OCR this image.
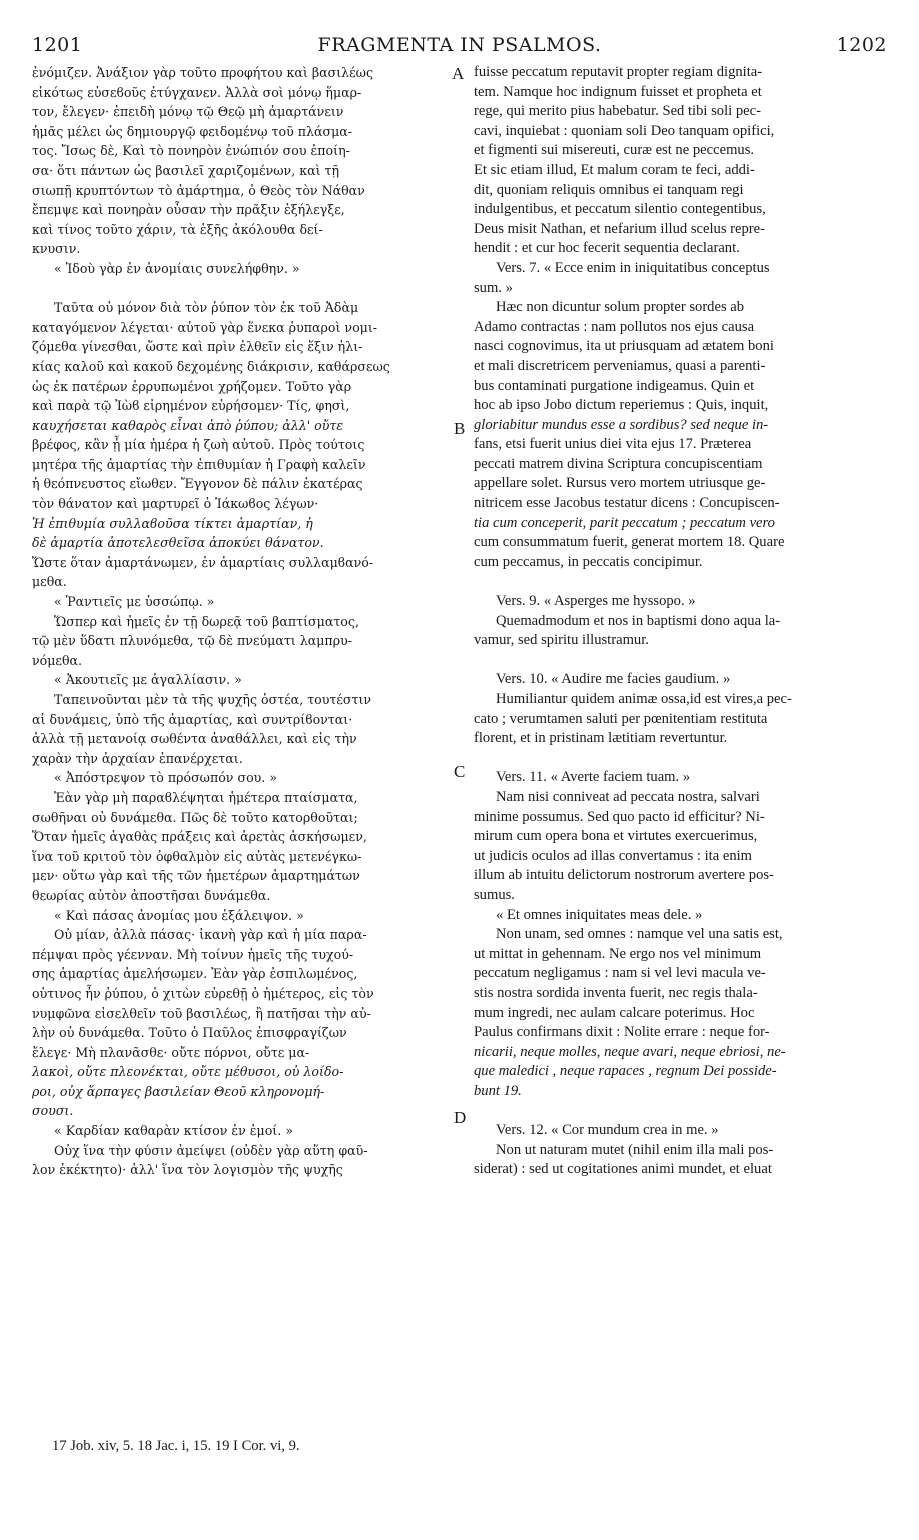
1201	FRAGMENTA IN PSALMOS.	1202
A
B
C
D
ἐνόμιζεν. Ἀνάξιον γὰρ τοῦτο προφήτου καὶ βασιλέως
εἰκότως εὐσεϐοῦς ἐτύγχανεν. Ἀλλὰ σοὶ μόνῳ ἥμαρ-
τον, ἔλεγεν· ἐπειδὴ μόνῳ τῷ Θεῷ μὴ ἁμαρτάνειν
ἡμᾶς μέλει ὡς δημιουργῷ φειδομένῳ τοῦ πλάσμα-
τος. Ἴσως δὲ, Καὶ τὸ πονηρὸν ἐνώπιόν σου ἐποίη-
σα· ὅτι πάντων ὡς βασιλεῖ χαριζομένων, καὶ τῇ
σιωπῇ κρυπτόντων τὸ ἁμάρτημα, ὁ Θεὸς τὸν Νάθαν
ἔπεμψε καὶ πονηρὰν οὖσαν τὴν πρᾶξιν ἐξήλεγξε,
καὶ τίνος τοῦτο χάριν, τὰ ἑξῆς ἀκόλουθα δεί-
κνυσιν.
« Ἰδοὺ γὰρ ἐν ἀνομίαις συνελήφθην. »
Ταῦτα οὐ μόνον διὰ τὸν ῥύπον τὸν ἐκ τοῦ Ἀδὰμ
καταγόμενον λέγεται· αὐτοῦ γὰρ ἕνεκα ῥυπαροὶ νομι-
ζόμεθα γίνεσθαι, ὥστε καὶ πρὶν ἐλθεῖν εἰς ἕξιν ἡλι-
κίας καλοῦ καὶ κακοῦ δεχομένης διάκρισιν, καθάρσεως
ὡς ἐκ πατέρων ἐρρυπωμένοι χρήζομεν. Τοῦτο γὰρ
καὶ παρὰ τῷ Ἰὼϐ εἰρημένον εὑρήσομεν· Τίς, φησὶ,
καυχήσεται καθαρὸς εἶναι ἀπὸ ῥύπου; ἀλλ' οὔτε
βρέφος, κἂν ᾖ μία ἡμέρα ἡ ζωὴ αὐτοῦ. Πρὸς τούτοις
μητέρα τῆς ἁμαρτίας τὴν ἐπιθυμίαν ἡ Γραφὴ καλεῖν
ἡ θεόπνευστος εἴωθεν. Ἔγγονον δὲ πάλιν ἑκατέρας
τὸν θάνατον καὶ μαρτυρεῖ ὁ Ἰάκωϐος λέγων·
Ἡ ἐπιθυμία συλλαϐοῦσα τίκτει ἁμαρτίαν, ἡ
δὲ ἁμαρτία ἀποτελεσθεῖσα ἀποκύει θάνατον.
Ὥστε ὅταν ἁμαρτάνωμεν, ἐν ἁμαρτίαις συλλαμϐανό-
μεθα.
« Ῥαντιεῖς με ὑσσώπῳ. »
Ὥσπερ καὶ ἡμεῖς ἐν τῇ δωρεᾷ τοῦ βαπτίσματος,
τῷ μὲν ὕδατι πλυνόμεθα, τῷ δὲ πνεύματι λαμπρυ-
νόμεθα.
« Ἀκουτιεῖς με ἀγαλλίασιν. »
Ταπεινοῦνται μὲν τὰ τῆς ψυχῆς ὀστέα, τουτέστιν
αἱ δυνάμεις, ὑπὸ τῆς ἁμαρτίας, καὶ συντρίϐονται·
ἀλλὰ τῇ μετανοίᾳ σωθέντα ἀναθάλλει, καὶ εἰς τὴν
χαρὰν τὴν ἀρχαίαν ἐπανέρχεται.
« Ἀπόστρεψον τὸ πρόσωπόν σου. »
Ἐὰν γὰρ μὴ παραϐλέψηται ἡμέτερα πταίσματα,
σωθῆναι οὐ δυνάμεθα. Πῶς δὲ τοῦτο κατορθοῦται;
Ὅταν ἡμεῖς ἀγαθὰς πράξεις καὶ ἀρετὰς ἀσκήσωμεν,
ἵνα τοῦ κριτοῦ τὸν ὀφθαλμὸν εἰς αὐτὰς μετενέγκω-
μεν· οὕτω γὰρ καὶ τῆς τῶν ἡμετέρων ἁμαρτημάτων
θεωρίας αὐτὸν ἀποστῆσαι δυνάμεθα.
« Καὶ πάσας ἀνομίας μου ἐξάλειψον. »
Οὐ μίαν, ἀλλὰ πάσας· ἱκανὴ γὰρ καὶ ἡ μία παρα-
πέμψαι πρὸς γέενναν. Μὴ τοίνυν ἡμεῖς τῆς τυχού-
σης ἁμαρτίας ἀμελήσωμεν. Ἐὰν γὰρ ἐσπιλωμένος,
οὑτινος ἦν ῥύπου, ὁ χιτὼν εὑρεθῇ ὁ ἡμέτερος, εἰς τὸν
νυμφῶνα εἰσελθεῖν τοῦ βασιλέως, ἢ πατῆσαι τὴν αὐ-
λὴν οὐ δυνάμεθα. Τοῦτο ὁ Παῦλος ἐπισφραγίζων
ἔλεγε· Μὴ πλανᾶσθε· οὔτε πόρνοι, οὔτε μα-
λακοὶ, οὔτε πλεονέκται, οὔτε μέθυσοι, οὐ λοίδο-
ροι, οὐχ ἅρπαγες βασιλείαν Θεοῦ κληρονομή-
σουσι.
« Καρδίαν καθαρὰν κτίσον ἐν ἐμοί. »
Οὐχ ἵνα τὴν φύσιν ἀμείψει (οὐδὲν γὰρ αὕτη φαῦ-
λον ἐκέκτητο)· ἀλλ' ἵνα τὸν λογισμὸν τῆς ψυχῆς
fuisse peccatum reputavit propter regiam dignita-
tem. Namque hoc indignum fuisset et propheta et
rege, qui merito pius habebatur. Sed tibi soli pec-
cavi, inquiebat : quoniam soli Deo tanquam opifici,
et figmenti sui misereuti, curæ est ne peccemus.
Et sic etiam illud, Et malum coram te feci, addi-
dit, quoniam reliquis omnibus ei tanquam regi
indulgentibus, et peccatum silentio contegentibus,
Deus misit Nathan, et nefarium illud scelus repre-
hendit : et cur hoc fecerit sequentia declarant.
Vers. 7. « Ecce enim in iniquitatibus conceptus
sum. »
Hæc non dicuntur solum propter sordes ab
Adamo contractas : nam pollutos nos ejus causa
nasci cognovimus, ita ut priusquam ad ætatem boni
et mali discretricem perveniamus, quasi a parenti-
bus contaminati purgatione indigeamus. Quin et
hoc ab ipso Jobo dictum reperiemus : Quis, inquit,
gloriabitur mundus esse a sordibus? sed neque in-
fans, etsi fuerit unius diei vita ejus 17. Præterea
peccati matrem divina Scriptura concupiscentiam
appellare solet. Rursus vero mortem utriusque ge-
nitricem esse Jacobus testatur dicens : Concupiscen-
tia cum conceperit, parit peccatum ; peccatum vero
cum consummatum fuerit, generat mortem 18. Quare
cum peccamus, in peccatis concipimur.
Vers. 9. « Asperges me hyssopo. »
Quemadmodum et nos in baptismi dono aqua la-
vamur, sed spiritu illustramur.
Vers. 10. « Audire me facies gaudium. »
Humiliantur quidem animæ ossa,id est vires,a pec-
cato ; verumtamen saluti per pœnitentiam restituta
florent, et in pristinam lætitiam revertuntur.
Vers. 11. « Averte faciem tuam. »
Nam nisi conniveat ad peccata nostra, salvari
minime possumus. Sed quo pacto id efficitur? Ni-
mirum cum opera bona et virtutes exercuerimus,
ut judicis oculos ad illas convertamus : ita enim
illum ab intuitu delictorum nostrorum avertere pos-
sumus.
« Et omnes iniquitates meas dele. »
Non unam, sed omnes : namque vel una satis est,
ut mittat in gehennam. Ne ergo nos vel minimum
peccatum negligamus : nam si vel levi macula ve-
stis nostra sordida inventa fuerit, nec regis thala-
mum ingredi, nec aulam calcare poterimus. Hoc
Paulus confirmans dixit : Nolite errare : neque for-
nicarii, neque molles, neque avari, neque ebriosi, ne-
que maledici , neque rapaces , regnum Dei posside-
bunt 19.
Vers. 12. « Cor mundum crea in me. »
Non ut naturam mutet (nihil enim illa mali pos-
siderat) : sed ut cogitationes animi mundet, et eluat
17 Job. xiv, 5. 18 Jac. i, 15. 19 I Cor. vi, 9.
